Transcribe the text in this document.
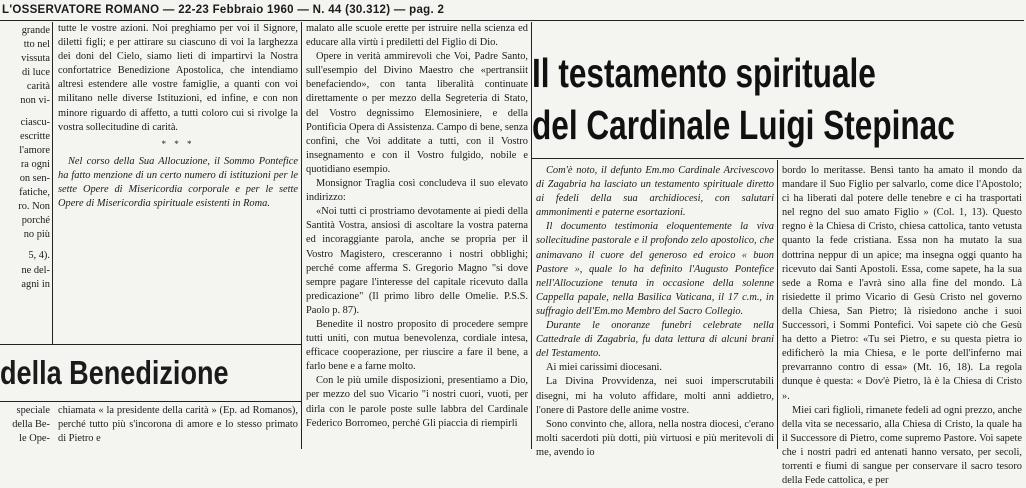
L'OSSERVATORE ROMANO — 22-23 Febbraio 1960 — N. 44 (30.312) — pag. 2
grande
tto nel
vissuta
di luce
carità
non vi-
ciascu-
escritte
l'amore
ra ogni
on sen-
fatiche,
ro. Non
porché
no più
5, 4).
ne del-
agni in

tutte le vostre azioni. Noi preghiamo per voi il Signore, diletti figli; e per attirare su ciascuno di voi la larghezza dei doni del Cielo, siamo lieti di impartirvi la Nostra confortatrice Benedizione Apostolica, che intendiamo altresì estendere alle vostre famiglie, a quanti con voi militano nelle diverse Istituzioni, ed infine, e con non minore riguardo di affetto, a tutti coloro cui si rivolge la vostra sollecitudine di carità.

* * *

Nel corso della Sua Allocuzione, il Sommo Pontefice ha fatto menzione di un certo numero di istituzioni per le sette Opere di Misericordia corporale e per le sette Opere di Misericordia spirituale esistenti in Roma.

della Benedizione
speciale
della Be-
le Ope-

chiamata « la presidente della carità » (Ep. ad Romanos), perché tutto più s'incorona di amore e lo stesso primato di Pietro e

malato alle scuole erette per istruire nella scienza ed educare alla virtù i prediletti del Figlio di Dio.

Opere in verità ammirevoli che Voi, Padre Santo, sull'esempio del Divino Maestro che «pertransiit benefaciendo», con tanta liberalità continuate direttamente o per mezzo della Segreteria di Stato, del Vostro degnissimo Elemosiniere, e della Pontificia Opera di Assistenza. Campo di bene, senza confini, che Voi additate a tutti, con il Vostro insegnamento e con il Vostro fulgido, nobile e quotidiano esempio.

Monsignor Traglia così concludeva il suo elevato indirizzo:

«Noi tutti ci prostriamo devotamente ai piedi della Santità Vostra, ansiosi di ascoltare la vostra paterna ed incoraggiante parola, anche se propria per il Vostro Magistero, cresceranno i nostri obblighi; perché come afferma S. Gregorio Magno "si dove sempre pagare l'interesse del capitale ricevuto dalla predicazione" (Il primo libro delle Omelie. P.S.S. Paolo p. 87).

Benedite il nostro proposito di procedere sempre tutti uniti, con mutua benevolenza, cordiale intesa, efficace cooperazione, per riuscire a fare il bene, a farlo bene e a farne molto.

Con le più umile disposizioni, presentiamo a Dio, per mezzo del suo Vicario "i nostri cuori, vuoti, per dirla con le parole poste sulle labbra del Cardinale Federico Borromeo, perché Gli piaccia di riempirli

Il testamento spirituale
del Cardinale Luigi Stepinac

Com'è noto, il defunto Em.mo Cardinale Arcivescovo di Zagabria ha lasciato un testamento spirituale diretto ai fedeli della sua archidiocesi, con salutari ammonimenti e paterne esortazioni.

Il documento testimonia eloquentemente la viva sollecitudine pastorale e il profondo zelo apostolico, che animavano il cuore del generoso ed eroico « buon Pastore », quale lo ha definito l'Augusto Pontefice nell'Allocuzione tenuta in occasione della solenne Cappella papale, nella Basilica Vaticana, il 17 c.m., in suffragio dell'Em.mo Membro del Sacro Collegio.

Durante le onoranze funebri celebrate nella Cattedrale di Zagabria, fu data lettura di alcuni brani del Testamento.

Ai miei carissimi diocesani.

La Divina Provvidenza, nei suoi imperscrutabili disegni, mi ha voluto affidare, molti anni addietro, l'onere di Pastore delle anime vostre.

Sono convinto che, allora, nella nostra diocesi, c'erano molti sacerdoti più dotti, più virtuosi e più meritevoli di me, avendo io

bordo lo meritasse. Bensì tanto ha amato il mondo da mandare il Suo Figlio per salvarlo, come dice l'Apostolo; ci ha liberati dal potere delle tenebre e ci ha trasportati nel regno del suo amato Figlio » (Col. 1, 13). Questo regno è la Chiesa di Cristo, chiesa cattolica, tanto vetusta quanto la fede cristiana. Essa non ha mutato la sua dottrina neppur di un apice; ma insegna oggi quanto ha ricevuto dai Santi Apostoli. Essa, come sapete, ha la sua sede a Roma e l'avrà sino alla fine del mondo. Là risiedette il primo Vicario di Gesù Cristo nel governo della Chiesa, San Pietro; là risiedono anche i suoi Successori, i Sommi Pontefici. Voi sapete ciò che Gesù ha detto a Pietro: «Tu sei Pietro, e su questa pietra io edificherò la mia Chiesa, e le porte dell'inferno mai prevarranno contro di essa» (Mt. 16, 18). La regola dunque è questa: « Dov'è Pietro, là è la Chiesa di Cristo ».

Miei cari figlioli, rimanete fedeli ad ogni prezzo, anche della vita se necessario, alla Chiesa di Cristo, la quale ha il Successore di Pietro, come supremo Pastore. Voi sapete che i nostri padri ed antenati hanno versato, per secoli, torrenti e fiumi di sangue per conservare il sacro tesoro della Fede cattolica, e per
